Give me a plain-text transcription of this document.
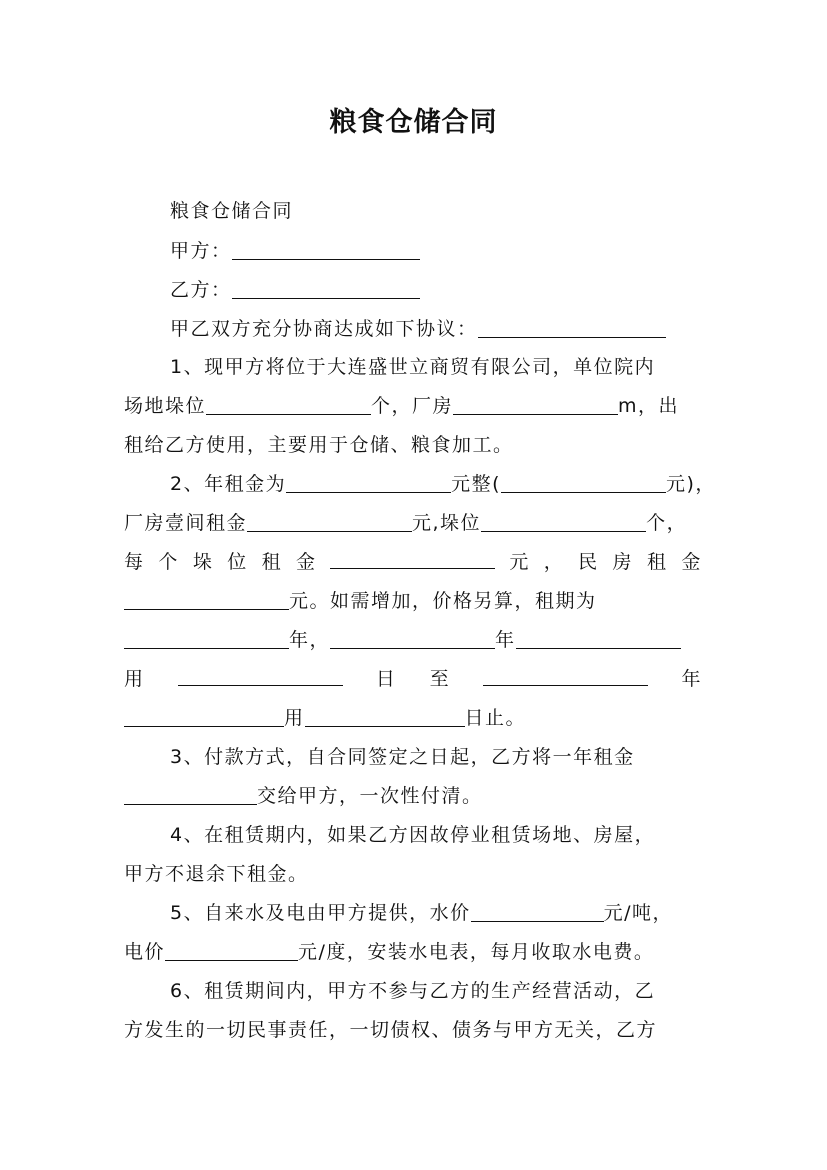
粮食仓储合同
粮食仓储合同
甲方：
乙方：
甲乙双方充分协商达成如下协议：
1、现甲方将位于大连盛世立商贸有限公司，单位院内
场地垛位	个，厂房	m，出
租给乙方使用，主要用于仓储、粮食加工。
2、年租金为	元整(	元)，
厂房壹间租金	元,垛位	个，
每 个 垛 位 租 金	元 ， 民 房 租 金
元。如需增加，价格另算，租期为
年，	年
用	日 至	年
用	日止。
3、付款方式，自合同签定之日起，乙方将一年租金
交给甲方，一次性付清。
4、在租赁期内，如果乙方因故停业租赁场地、房屋，
甲方不退余下租金。
5、自来水及电由甲方提供，水价	元/吨，
电价	元/度，安装水电表，每月收取水电费。
6、租赁期间内，甲方不参与乙方的生产经营活动，乙
方发生的一切民事责任，一切债权、债务与甲方无关，乙方
